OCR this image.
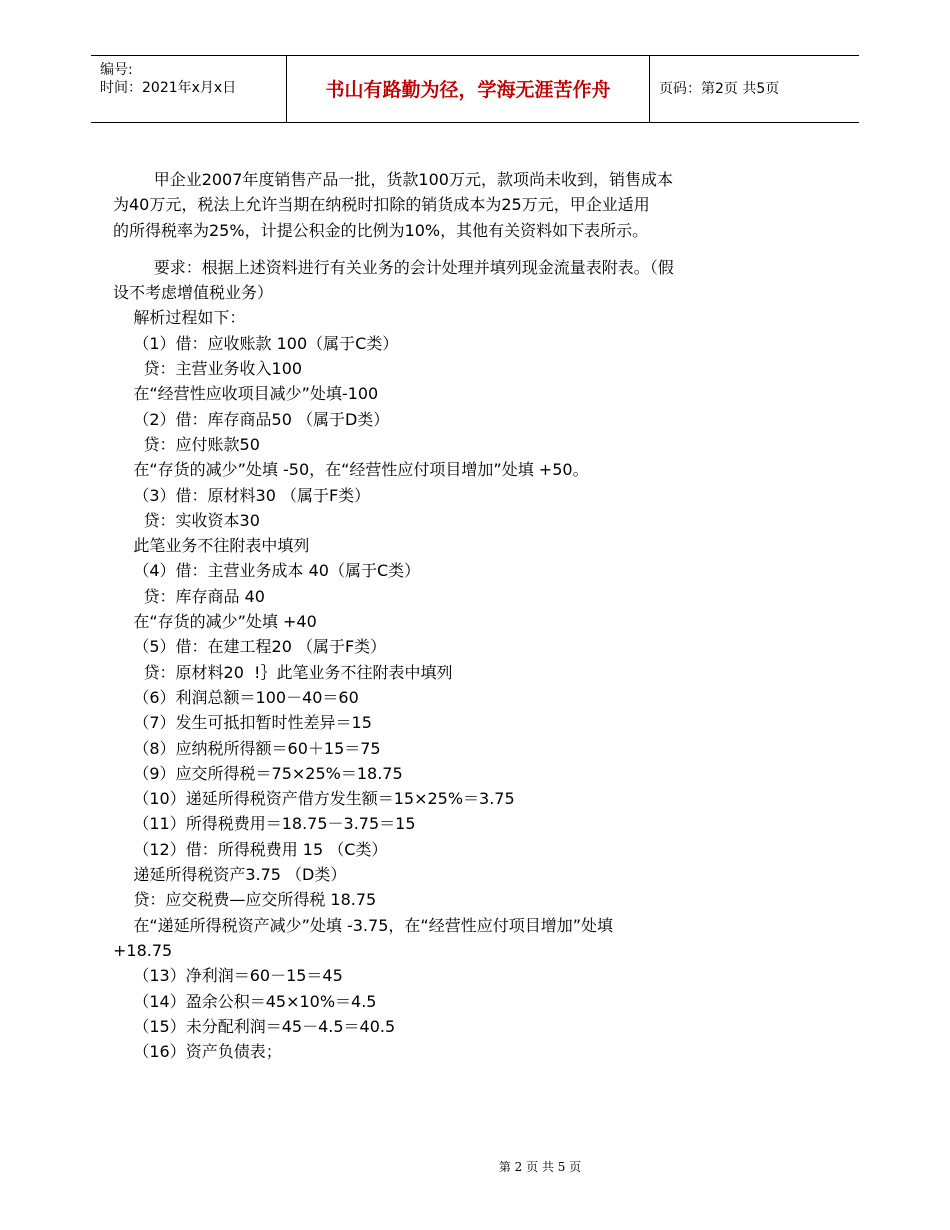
编号:
时间：2021年x月x日	书山有路勤为径，学海无涯苦作舟	页码：第2页 共5页
甲企业2007年度销售产品一批，货款100万元，款项尚未收到，销售成本
为40万元，税法上允许当期在纳税时扣除的销货成本为25万元，甲企业适用
的所得税率为25%，计提公积金的比例为10%，其他有关资料如下表所示。
要求：根据上述资料进行有关业务的会计处理并填列现金流量表附表。（假
设不考虑增值税业务）
解析过程如下：
（1）借：应收账款 100（属于C类）
贷：主营业务收入100
在“经营性应收项目减少”处填-100
（2）借：库存商品50 （属于D类）
贷：应付账款50
在“存货的减少”处填 -50，在“经营性应付项目增加”处填 +50。
（3）借：原材料30 （属于F类）
贷：实收资本30
此笔业务不往附表中填列
（4）借：主营业务成本 40（属于C类）
贷：库存商品 40
在“存货的减少”处填 +40
（5）借：在建工程20 （属于F类）
贷：原材料20  !｝此笔业务不往附表中填列
（6）利润总额＝100－40＝60
（7）发生可抵扣暂时性差异＝15
（8）应纳税所得额＝60＋15＝75
（9）应交所得税＝75×25%＝18.75
（10）递延所得税资产借方发生额＝15×25%＝3.75
（11）所得税费用＝18.75－3.75＝15
（12）借：所得税费用 15 （C类）
递延所得税资产3.75 （D类）
贷：应交税费—应交所得税 18.75
在“递延所得税资产减少”处填 -3.75，在“经营性应付项目增加”处填
+18.75
（13）净利润＝60－15＝45
（14）盈余公积＝45×10%＝4.5
（15）未分配利润＝45－4.5＝40.5
（16）资产负债表；
第 2 页 共 5 页
